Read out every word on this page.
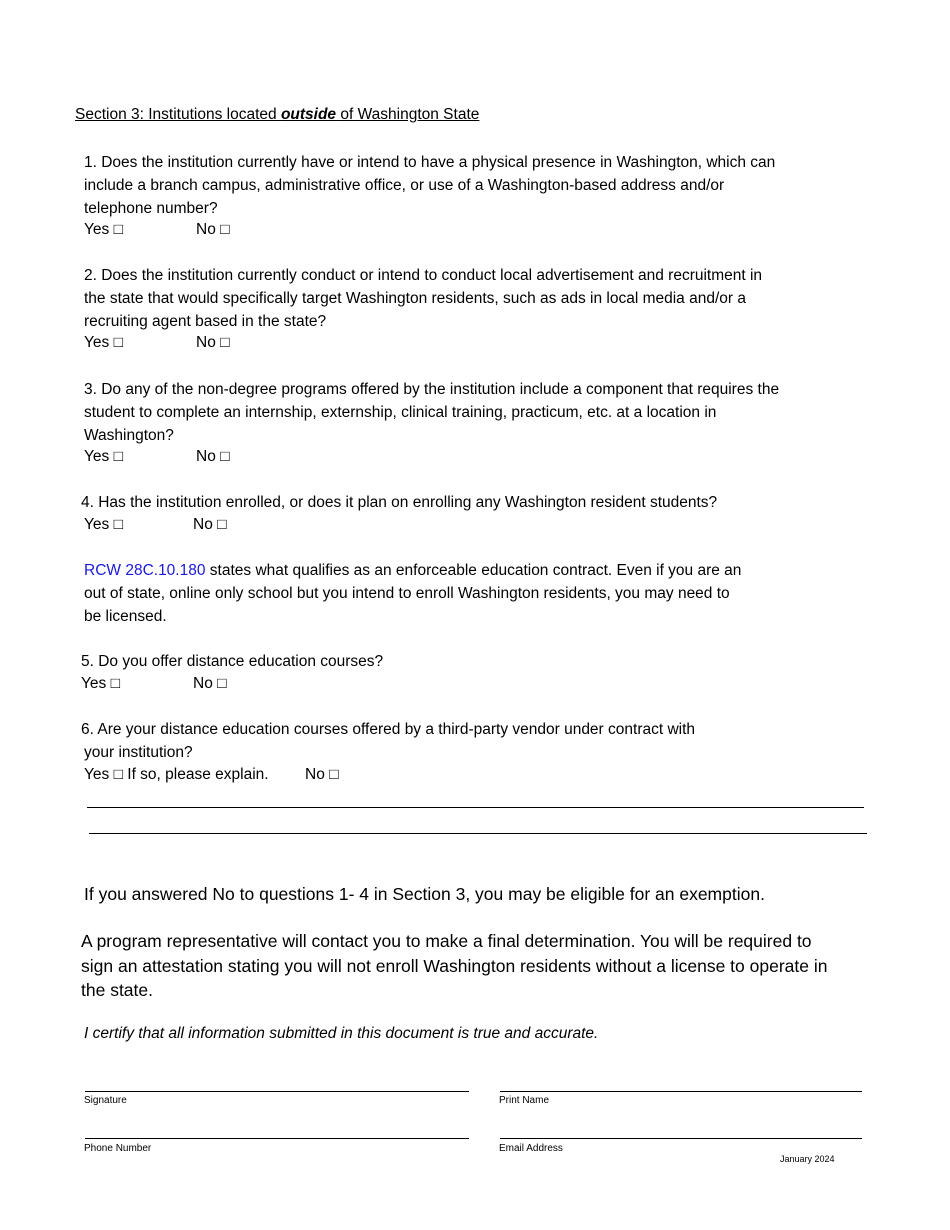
Section 3: Institutions located outside of Washington State
1. Does the institution currently have or intend to have a physical presence in Washington, which can
include a branch campus, administrative office, or use of a Washington-based address and/or
telephone number?
Yes □	No □
2. Does the institution currently conduct or intend to conduct local advertisement and recruitment in
the state that would specifically target Washington residents, such as ads in local media and/or a
recruiting agent based in the state?
Yes □	No □
3. Do any of the non-degree programs offered by the institution include a component that requires the
student to complete an internship, externship, clinical training, practicum, etc. at a location in
Washington?
Yes □	No □
4. Has the institution enrolled, or does it plan on enrolling any Washington resident students?
Yes □	No □
RCW 28C.10.180 states what qualifies as an enforceable education contract. Even if you are an
out of state, online only school but you intend to enroll Washington residents, you may need to
be licensed.
5. Do you offer distance education courses?
Yes □	No □
6. Are your distance education courses offered by a third-party vendor under contract with
your institution?
Yes □ If so, please explain. No □
If you answered No to questions 1- 4 in Section 3, you may be eligible for an exemption.
A program representative will contact you to make a final determination. You will be required to
sign an attestation stating you will not enroll Washington residents without a license to operate in
the state.
I certify that all information submitted in this document is true and accurate.
Signature	Print Name
Phone Number	Email Address
January 2024
